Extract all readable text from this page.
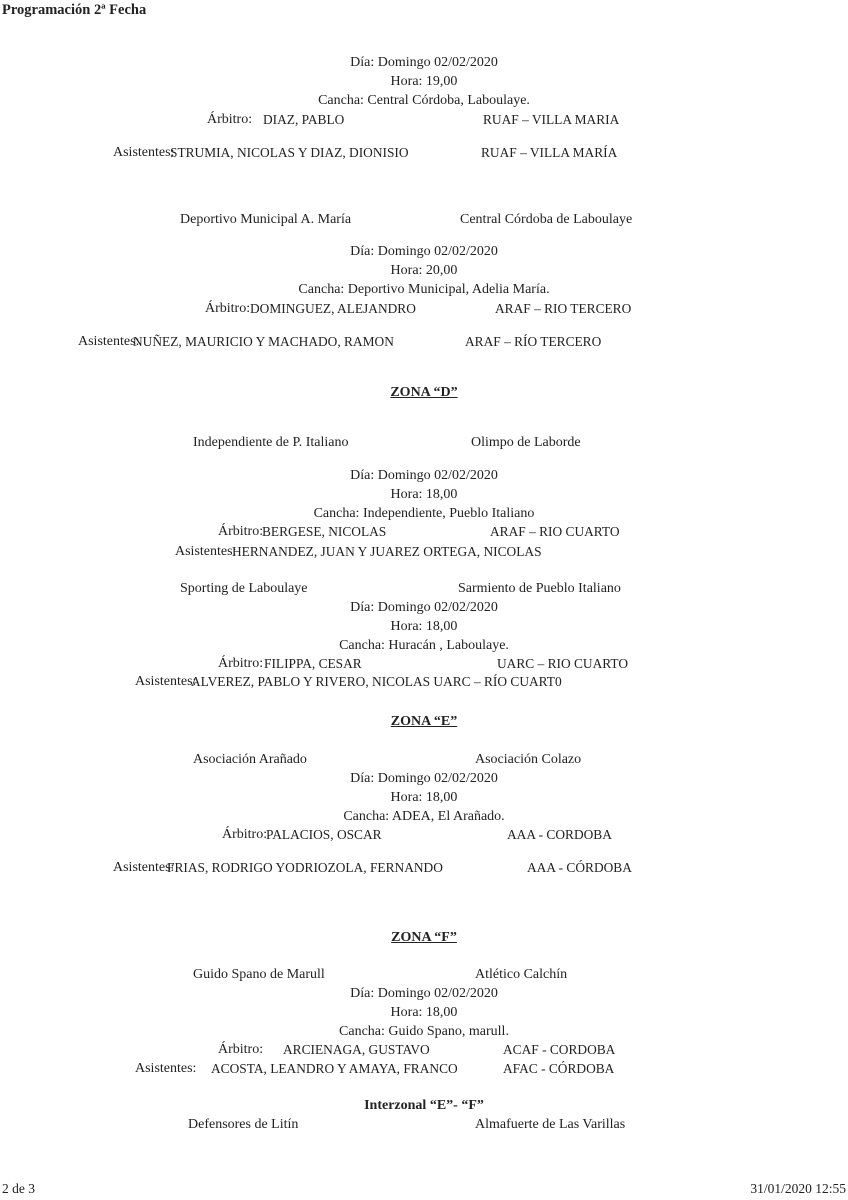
Programación 2ª Fecha
Día: Domingo 02/02/2020
Hora: 19,00
Cancha: Central Córdoba, Laboulaye.
Árbitro: DIAZ, PABLO	RUAF – VILLA MARIA
Asistentes:
STRUMIA, NICOLAS Y DIAZ, DIONISIO	RUAF – VILLA MARÍA
Deportivo Municipal A. María	Central Córdoba de Laboulaye
Día: Domingo 02/02/2020
Hora: 20,00
Cancha: Deportivo Municipal, Adelia María.
Árbitro: DOMINGUEZ, ALEJANDRO	ARAF – RIO TERCERO
Asistentes:
NUÑEZ, MAURICIO Y MACHADO, RAMON	ARAF – RÍO TERCERO
ZONA “D”
Independiente de P. Italiano	Olimpo de Laborde
Día: Domingo 02/02/2020
Hora: 18,00
Cancha: Independiente, Pueblo Italiano
Árbitro:
BERGESE, NICOLAS	ARAF – RIO CUARTO
Asistentes:
HERNANDEZ, JUAN Y JUAREZ ORTEGA, NICOLAS
Sporting de Laboulaye	Sarmiento de Pueblo Italiano
Día: Domingo 02/02/2020
Hora: 18,00
Cancha: Huracán , Laboulaye.
Árbitro: FILIPPA, CESAR	UARC – RIO CUARTO
Asistentes:
ALVEREZ, PABLO Y RIVERO, NICOLAS UARC – RÍO CUART0
ZONA “E”
Asociación Arañado	Asociación Colazo
Día: Domingo 02/02/2020
Hora: 18,00
Cancha: ADEA, El Arañado.
Árbitro:
PALACIOS, OSCAR	AAA - CORDOBA
Asistentes:
FRIAS, RODRIGO YODRIOZOLA, FERNANDO	AAA - CÓRDOBA
ZONA “F”
Guido Spano de Marull	Atlético Calchín
Día: Domingo 02/02/2020
Hora: 18,00
Cancha: Guido Spano, marull.
Árbitro: ARCIENAGA, GUSTAVO	ACAF - CORDOBA
Asistentes: ACOSTA, LEANDRO Y AMAYA, FRANCO	AFAC - CÓRDOBA
Interzonal “E”- “F”
Defensores de Litín	Almafuerte de Las Varillas
2 de 3	31/01/2020 12:55
